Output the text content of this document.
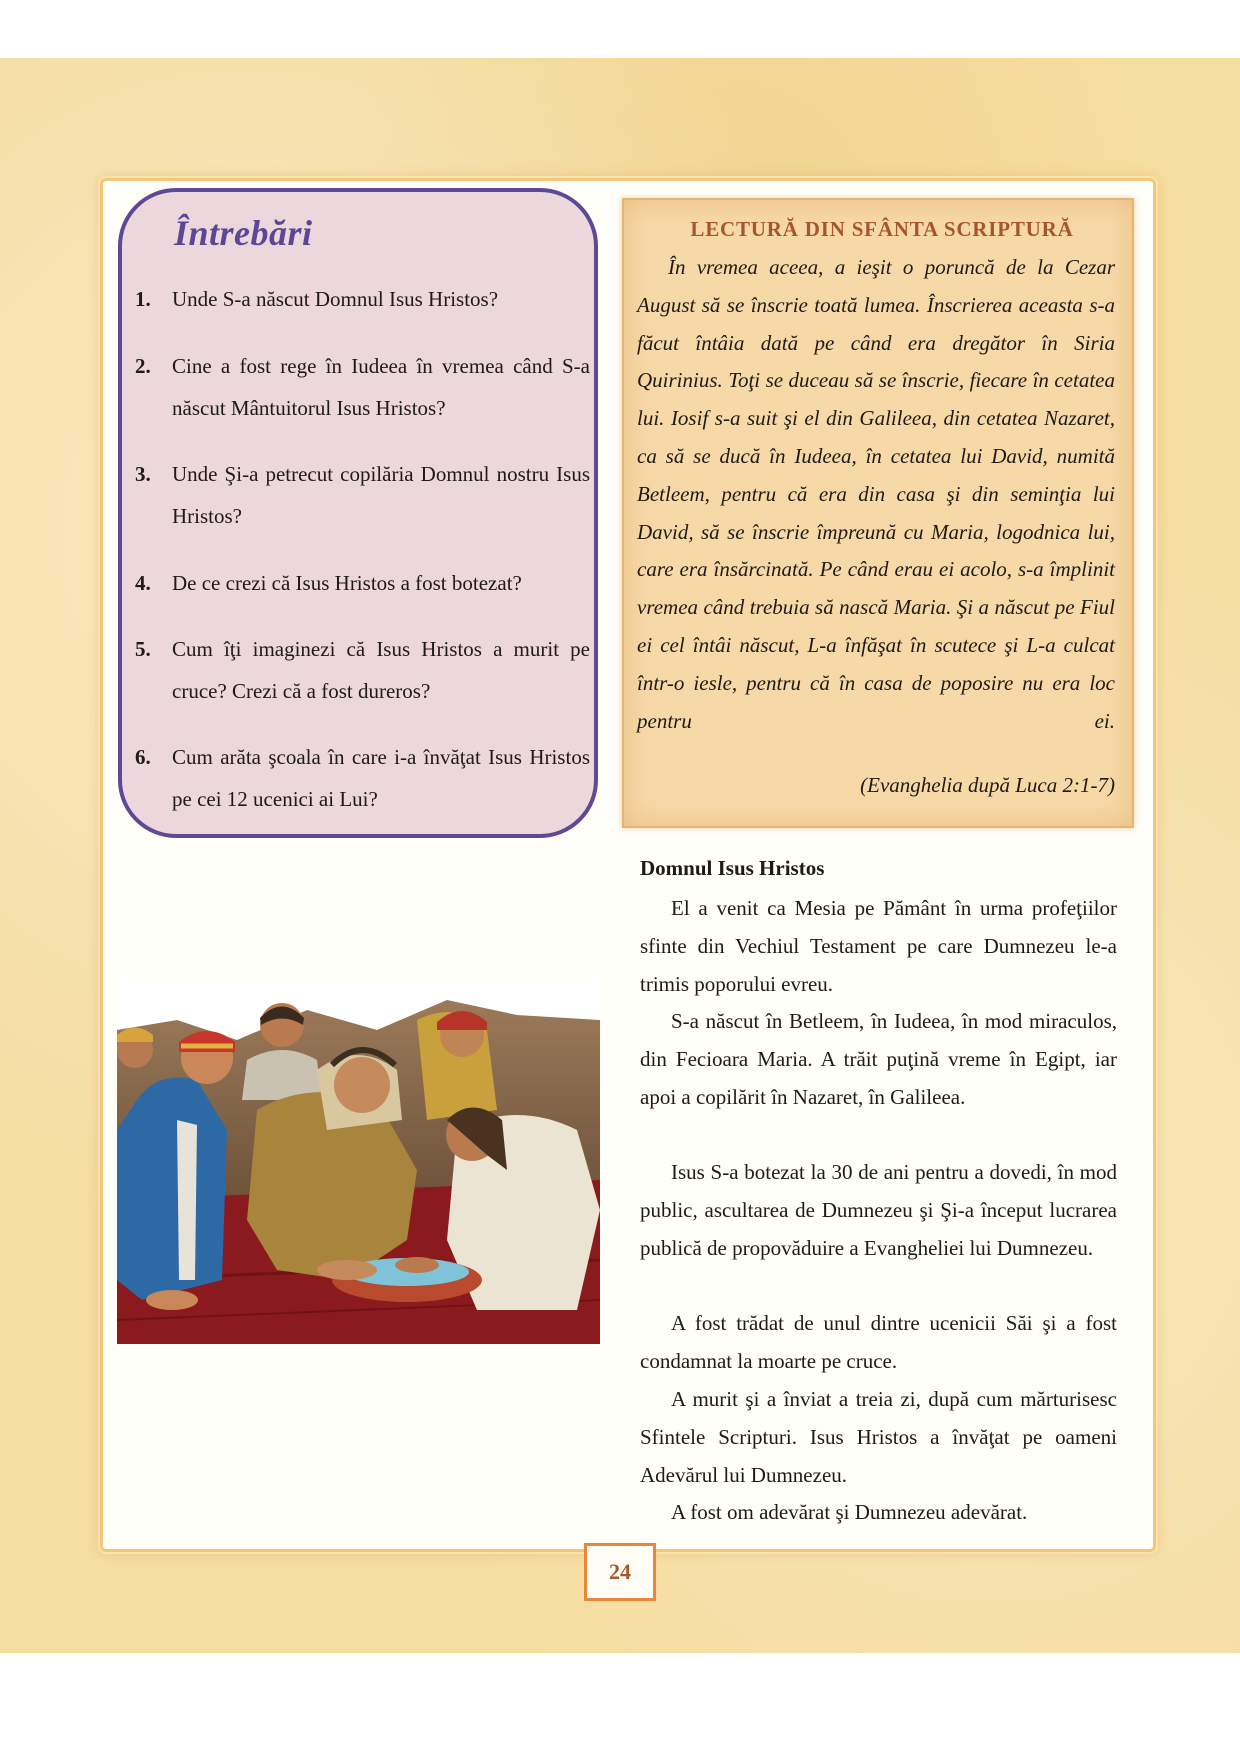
Întrebări
1. Unde S-a născut Domnul Isus Hristos?
2. Cine a fost rege în Iudeea în vremea când S-a născut Mântuitorul Isus Hristos?
3. Unde Şi-a petrecut copilăria Domnul nostru Isus Hristos?
4. De ce crezi că Isus Hristos a fost botezat?
5. Cum îţi imaginezi că Isus Hristos a murit pe cruce? Crezi că a fost dureros?
6. Cum arăta şcoala în care i-a învăţat Isus Hristos pe cei 12 ucenici ai Lui?
LECTURĂ DIN SFÂNTA SCRIPTURĂ
În vremea aceea, a ieşit o poruncă de la Cezar August să se înscrie toată lumea. Înscrierea aceasta s-a făcut întâia dată pe când era dregător în Siria Quirinius. Toţi se duceau să se înscrie, fiecare în cetatea lui. Iosif s-a suit şi el din Galileea, din cetatea Nazaret, ca să se ducă în Iudeea, în cetatea lui David, numită Betleem, pentru că era din casa şi din seminţia lui David, să se înscrie împreună cu Maria, logodnica lui, care era însărcinată. Pe când erau ei acolo, s-a împlinit vremea când trebuia să nască Maria. Şi a născut pe Fiul ei cel întâi născut, L-a înfăşat în scutece şi L-a culcat într-o iesle, pentru că în casa de poposire nu era loc pentru ei.
(Evanghelia după Luca 2:1-7)
Domnul Isus Hristos
El a venit ca Mesia pe Pământ în urma profeţiilor sfinte din Vechiul Testament pe care Dumnezeu le-a trimis poporului evreu.
S-a născut în Betleem, în Iudeea, în mod miraculos, din Fecioara Maria. A trăit puţină vreme în Egipt, iar apoi a copilărit în Nazaret, în Galileea.
Isus S-a botezat la 30 de ani pentru a dovedi, în mod public, ascultarea de Dumnezeu şi Şi-a început lucrarea publică de propovăduire a Evangheliei lui Dumnezeu.
A fost trădat de unul dintre ucenicii Săi şi a fost condamnat la moarte pe cruce.
A murit şi a înviat a treia zi, după cum mărturisesc Sfintele Scripturi. Isus Hristos a învăţat pe oameni Adevărul lui Dumnezeu.
A fost om adevărat şi Dumnezeu adevărat.
24
